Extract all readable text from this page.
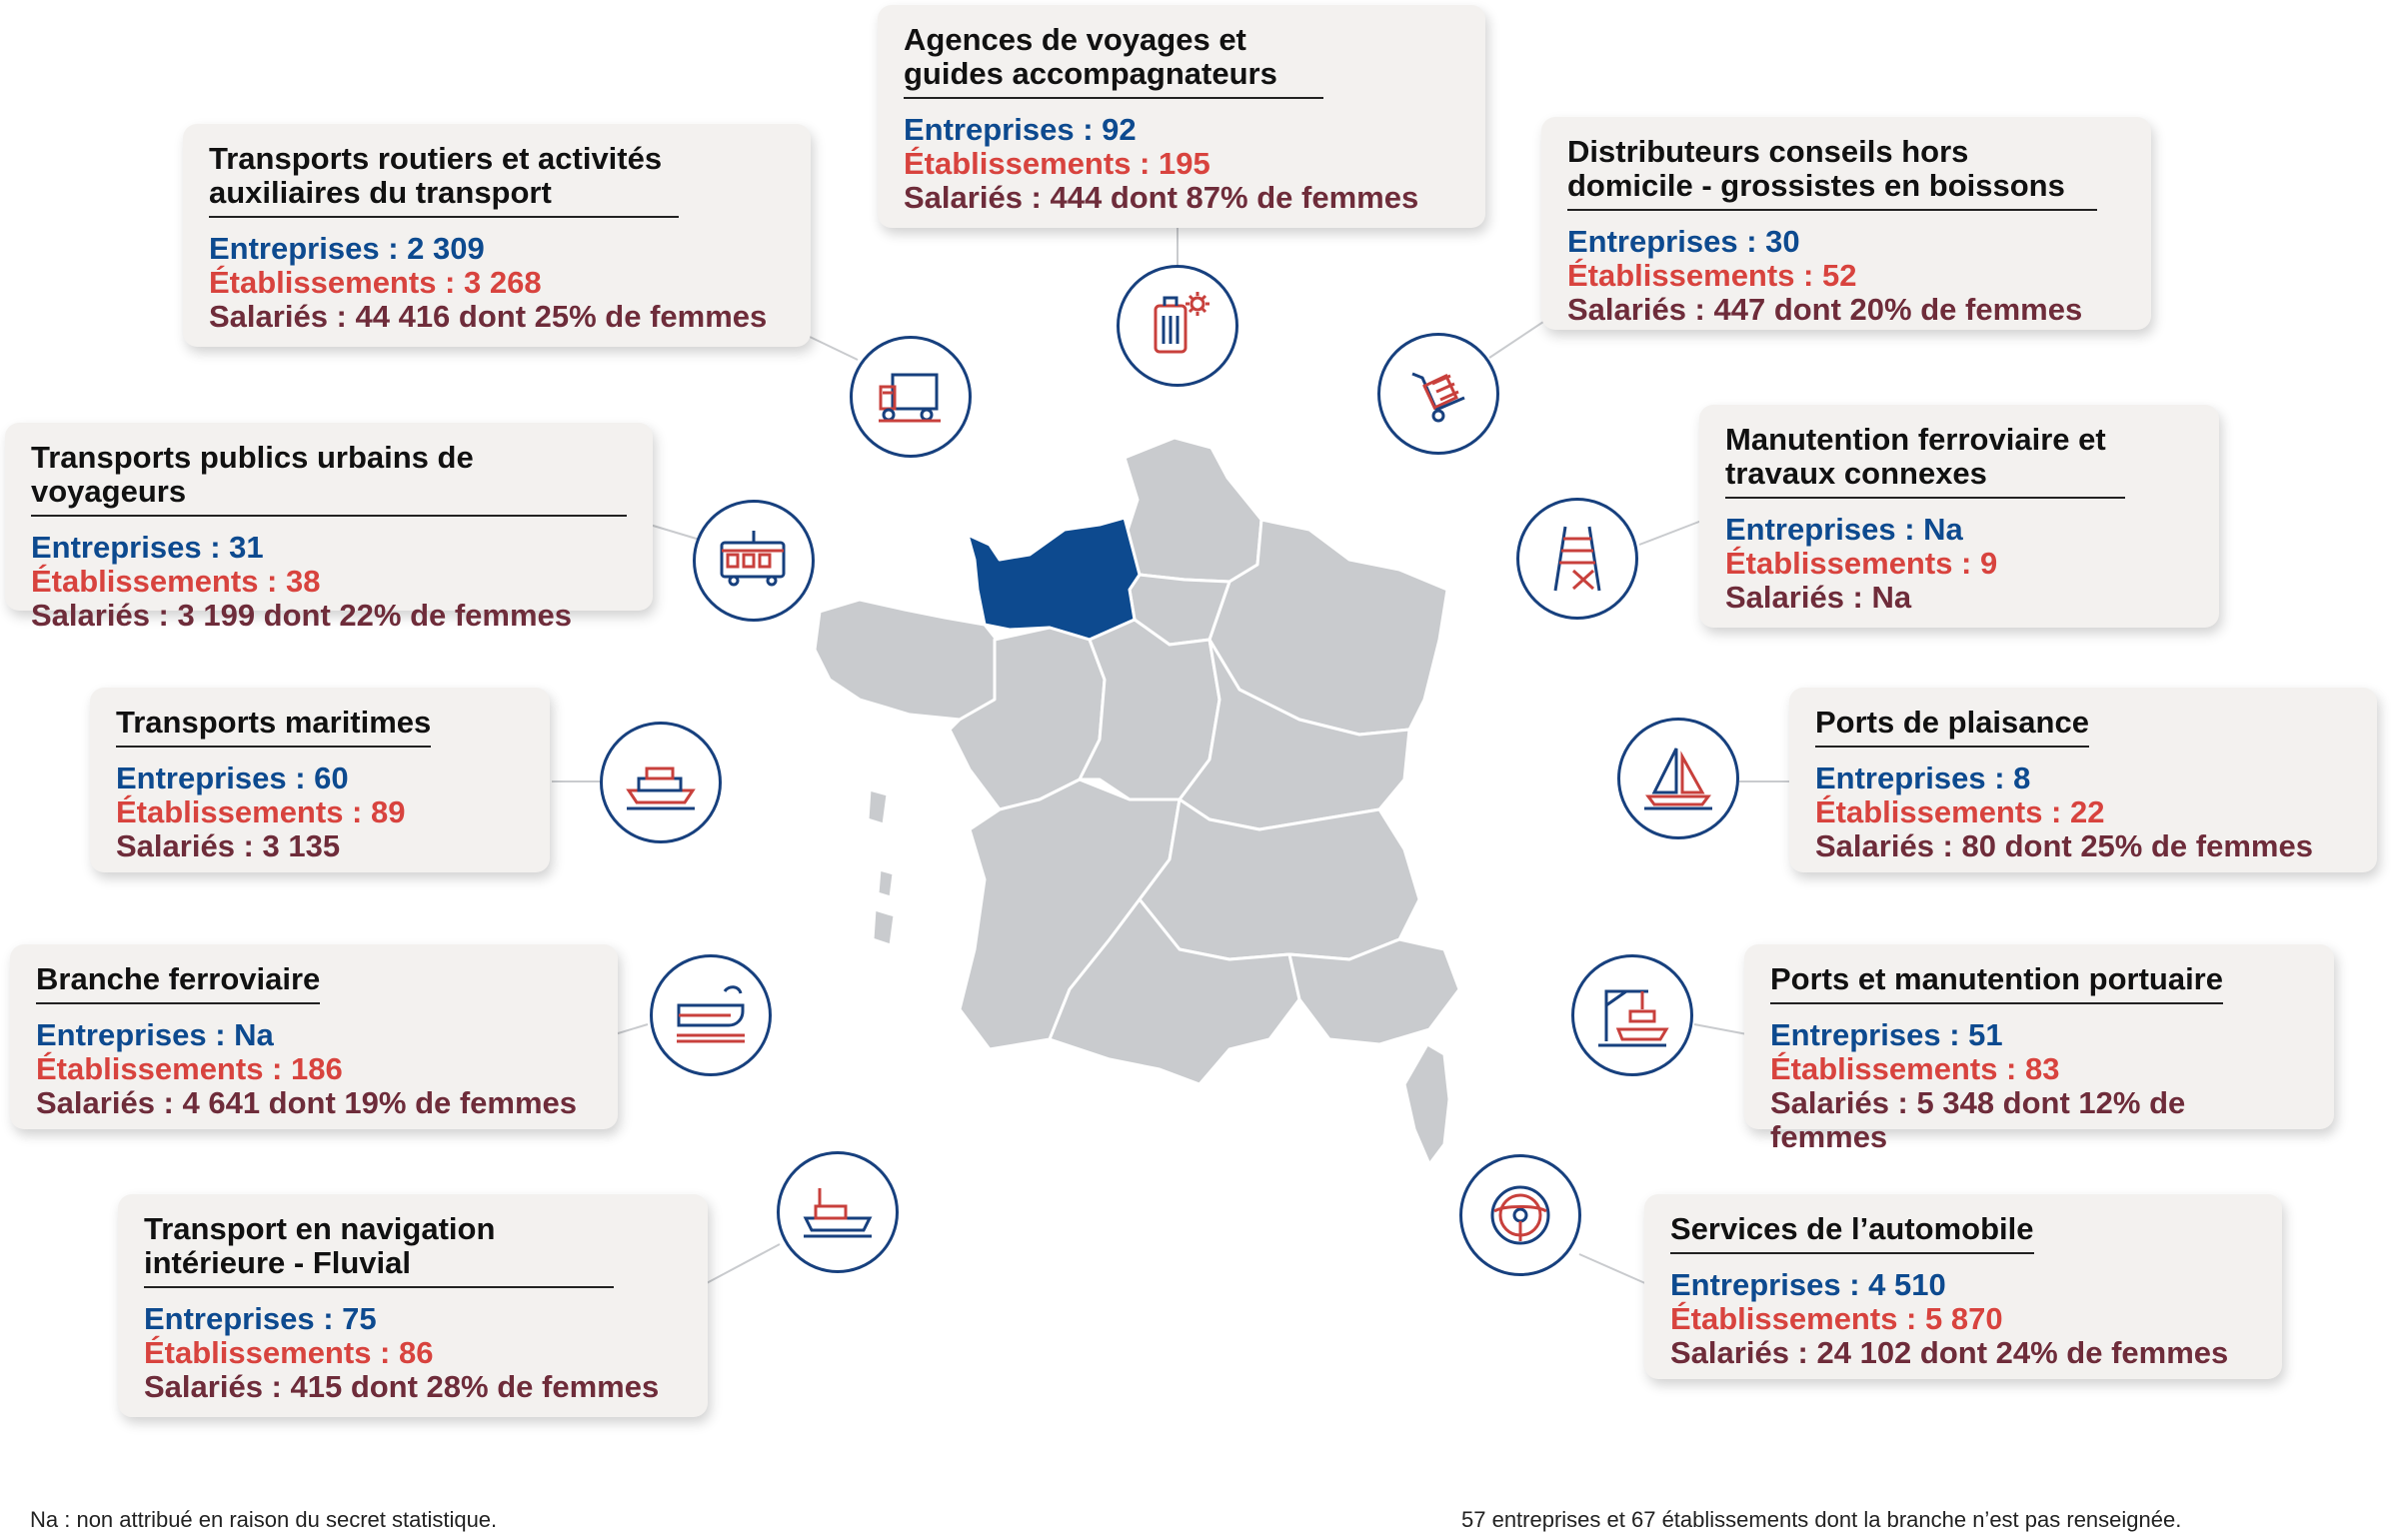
Agences de voyages et guides accompagnateurs
Entreprises : 92
Établissements : 195
Salariés : 444 dont 87% de femmes
Transports routiers et activités auxiliaires du transport
Entreprises : 2 309
Établissements : 3 268
Salariés : 44 416 dont 25% de femmes
Distributeurs conseils hors domicile - grossistes en boissons
Entreprises : 30
Établissements : 52
Salariés : 447 dont 20% de femmes
Transports publics urbains de voyageurs
Entreprises : 31
Établissements : 38
Salariés : 3 199 dont 22% de femmes
Manutention ferroviaire et travaux connexes
Entreprises : Na
Établissements : 9
Salariés : Na
Transports maritimes
Entreprises : 60
Établissements : 89
Salariés : 3 135
Ports de plaisance
Entreprises : 8
Établissements : 22
Salariés : 80 dont 25% de femmes
Branche ferroviaire
Entreprises : Na
Établissements : 186
Salariés : 4 641 dont 19% de femmes
Ports et manutention portuaire
Entreprises : 51
Établissements : 83
Salariés : 5 348 dont 12% de femmes
Transport en navigation intérieure - Fluvial
Entreprises : 75
Établissements : 86
Salariés : 415 dont 28% de femmes
Services de l’automobile
Entreprises : 4 510
Établissements : 5 870
Salariés : 24 102 dont 24% de femmes
Na : non attribué en raison du secret statistique.	57 entreprises et 67 établissements dont la branche n’est pas renseignée.
